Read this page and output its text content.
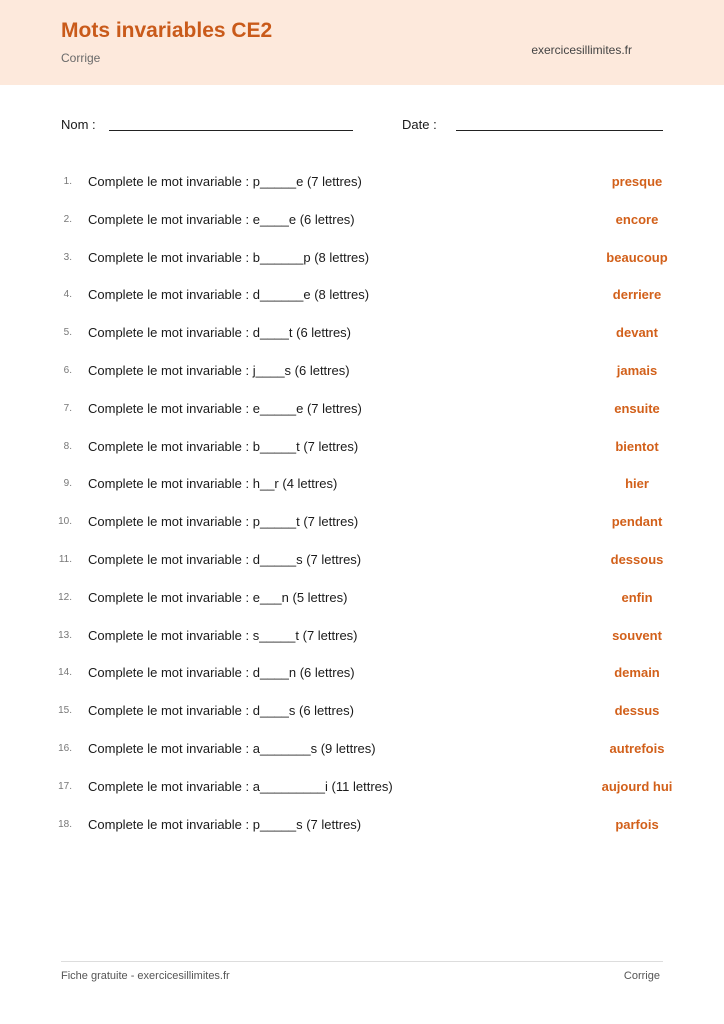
Mots invariables CE2
Corrige
exercicesillimites.fr
Nom :	Date :
1. Complete le mot invariable : p_____e (7 lettres)	presque
2. Complete le mot invariable : e____e (6 lettres)	encore
3. Complete le mot invariable : b______p (8 lettres)	beaucoup
4. Complete le mot invariable : d______e (8 lettres)	derriere
5. Complete le mot invariable : d____t (6 lettres)	devant
6. Complete le mot invariable : j____s (6 lettres)	jamais
7. Complete le mot invariable : e_____e (7 lettres)	ensuite
8. Complete le mot invariable : b_____t (7 lettres)	bientot
9. Complete le mot invariable : h__r (4 lettres)	hier
10. Complete le mot invariable : p_____t (7 lettres)	pendant
11. Complete le mot invariable : d_____s (7 lettres)	dessous
12. Complete le mot invariable : e___n (5 lettres)	enfin
13. Complete le mot invariable : s_____t (7 lettres)	souvent
14. Complete le mot invariable : d____n (6 lettres)	demain
15. Complete le mot invariable : d____s (6 lettres)	dessus
16. Complete le mot invariable : a_______s (9 lettres)	autrefois
17. Complete le mot invariable : a_________i (11 lettres)	aujourd hui
18. Complete le mot invariable : p_____s (7 lettres)	parfois
Fiche gratuite - exercicesillimites.fr	Corrige
